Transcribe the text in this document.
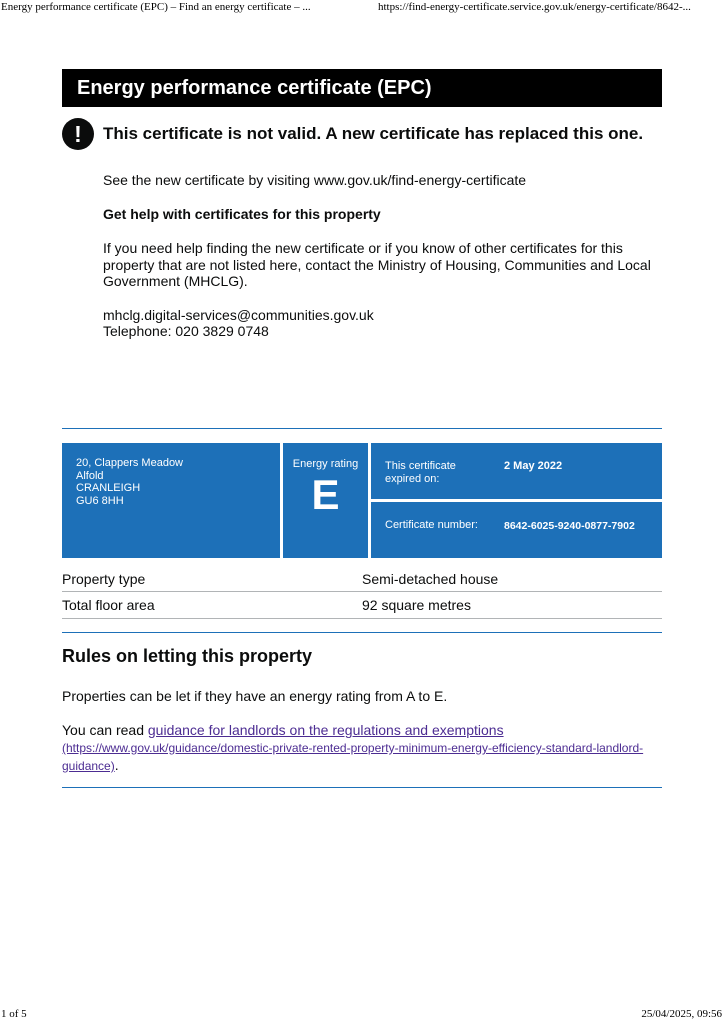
Energy performance certificate (EPC) – Find an energy certificate – ...	https://find-energy-certificate.service.gov.uk/energy-certificate/8642-...
Energy performance certificate (EPC)
!	This certificate is not valid. A new certificate has replaced this one.

See the new certificate by visiting www.gov.uk/find-energy-certificate

Get help with certificates for this property

If you need help finding the new certificate or if you know of other certificates for this property that are not listed here, contact the Ministry of Housing, Communities and Local Government (MHCLG).

mhclg.digital-services@communities.gov.uk

Telephone: 020 3829 0748

20, Clappers Meadow
Alfold
CRANLEIGH
GU6 8HH
Energy rating
E
This certificate expired on:
2 May 2022
Certificate number:	8642-6025-9240-0877-7902
Property type	Semi-detached house
Total floor area	92 square metres
Rules on letting this property
Properties can be let if they have an energy rating from A to E.
You can read guidance for landlords on the regulations and exemptions (https://www.gov.uk/guidance/domestic-private-rented-property-minimum-energy-efficiency-standard-landlord-guidance).
1 of 5	25/04/2025, 09:56
